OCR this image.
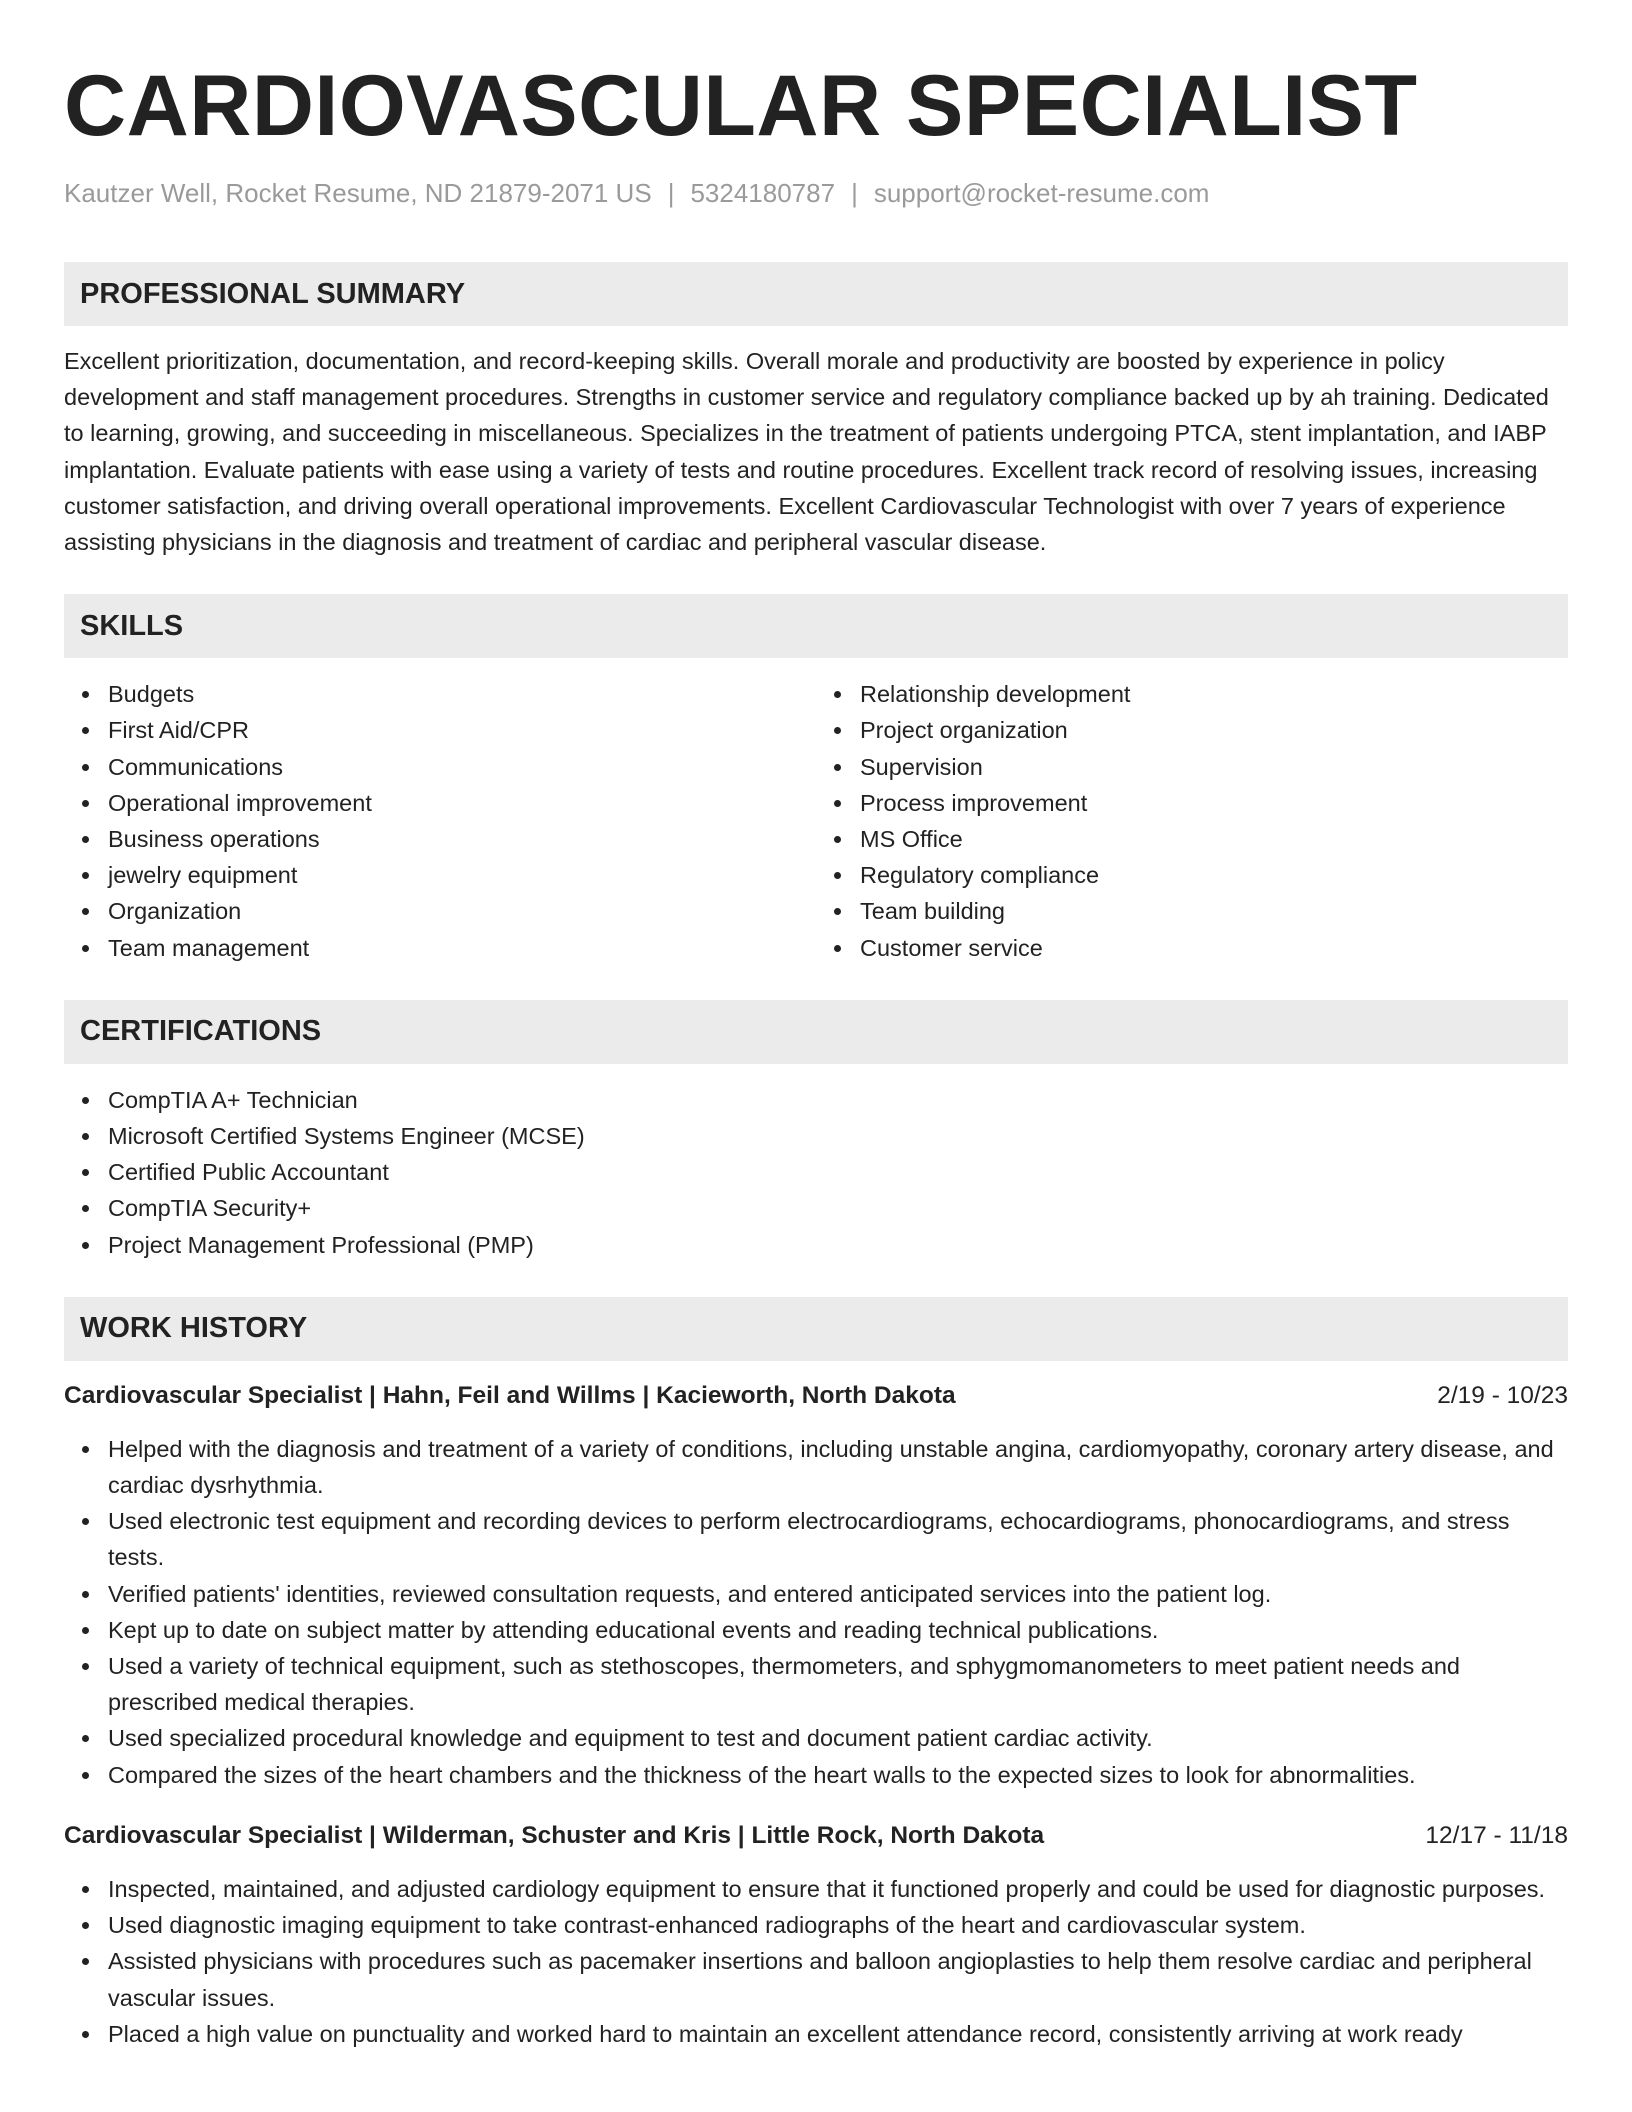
CARDIOVASCULAR SPECIALIST
Kautzer Well, Rocket Resume, ND 21879-2071 US | 5324180787 | support@rocket-resume.com
PROFESSIONAL SUMMARY
Excellent prioritization, documentation, and record-keeping skills. Overall morale and productivity are boosted by experience in policy development and staff management procedures. Strengths in customer service and regulatory compliance backed up by ah training. Dedicated to learning, growing, and succeeding in miscellaneous. Specializes in the treatment of patients undergoing PTCA, stent implantation, and IABP implantation. Evaluate patients with ease using a variety of tests and routine procedures. Excellent track record of resolving issues, increasing customer satisfaction, and driving overall operational improvements. Excellent Cardiovascular Technologist with over 7 years of experience assisting physicians in the diagnosis and treatment of cardiac and peripheral vascular disease.
SKILLS
Budgets
First Aid/CPR
Communications
Operational improvement
Business operations
jewelry equipment
Organization
Team management
Relationship development
Project organization
Supervision
Process improvement
MS Office
Regulatory compliance
Team building
Customer service
CERTIFICATIONS
CompTIA A+ Technician
Microsoft Certified Systems Engineer (MCSE)
Certified Public Accountant
CompTIA Security+
Project Management Professional (PMP)
WORK HISTORY
Cardiovascular Specialist | Hahn, Feil and Willms | Kacieworth, North Dakota	2/19 - 10/23
Helped with the diagnosis and treatment of a variety of conditions, including unstable angina, cardiomyopathy, coronary artery disease, and cardiac dysrhythmia.
Used electronic test equipment and recording devices to perform electrocardiograms, echocardiograms, phonocardiograms, and stress tests.
Verified patients' identities, reviewed consultation requests, and entered anticipated services into the patient log.
Kept up to date on subject matter by attending educational events and reading technical publications.
Used a variety of technical equipment, such as stethoscopes, thermometers, and sphygmomanometers to meet patient needs and prescribed medical therapies.
Used specialized procedural knowledge and equipment to test and document patient cardiac activity.
Compared the sizes of the heart chambers and the thickness of the heart walls to the expected sizes to look for abnormalities.
Cardiovascular Specialist | Wilderman, Schuster and Kris | Little Rock, North Dakota	12/17 - 11/18
Inspected, maintained, and adjusted cardiology equipment to ensure that it functioned properly and could be used for diagnostic purposes.
Used diagnostic imaging equipment to take contrast-enhanced radiographs of the heart and cardiovascular system.
Assisted physicians with procedures such as pacemaker insertions and balloon angioplasties to help them resolve cardiac and peripheral vascular issues.
Placed a high value on punctuality and worked hard to maintain an excellent attendance record, consistently arriving at work ready
